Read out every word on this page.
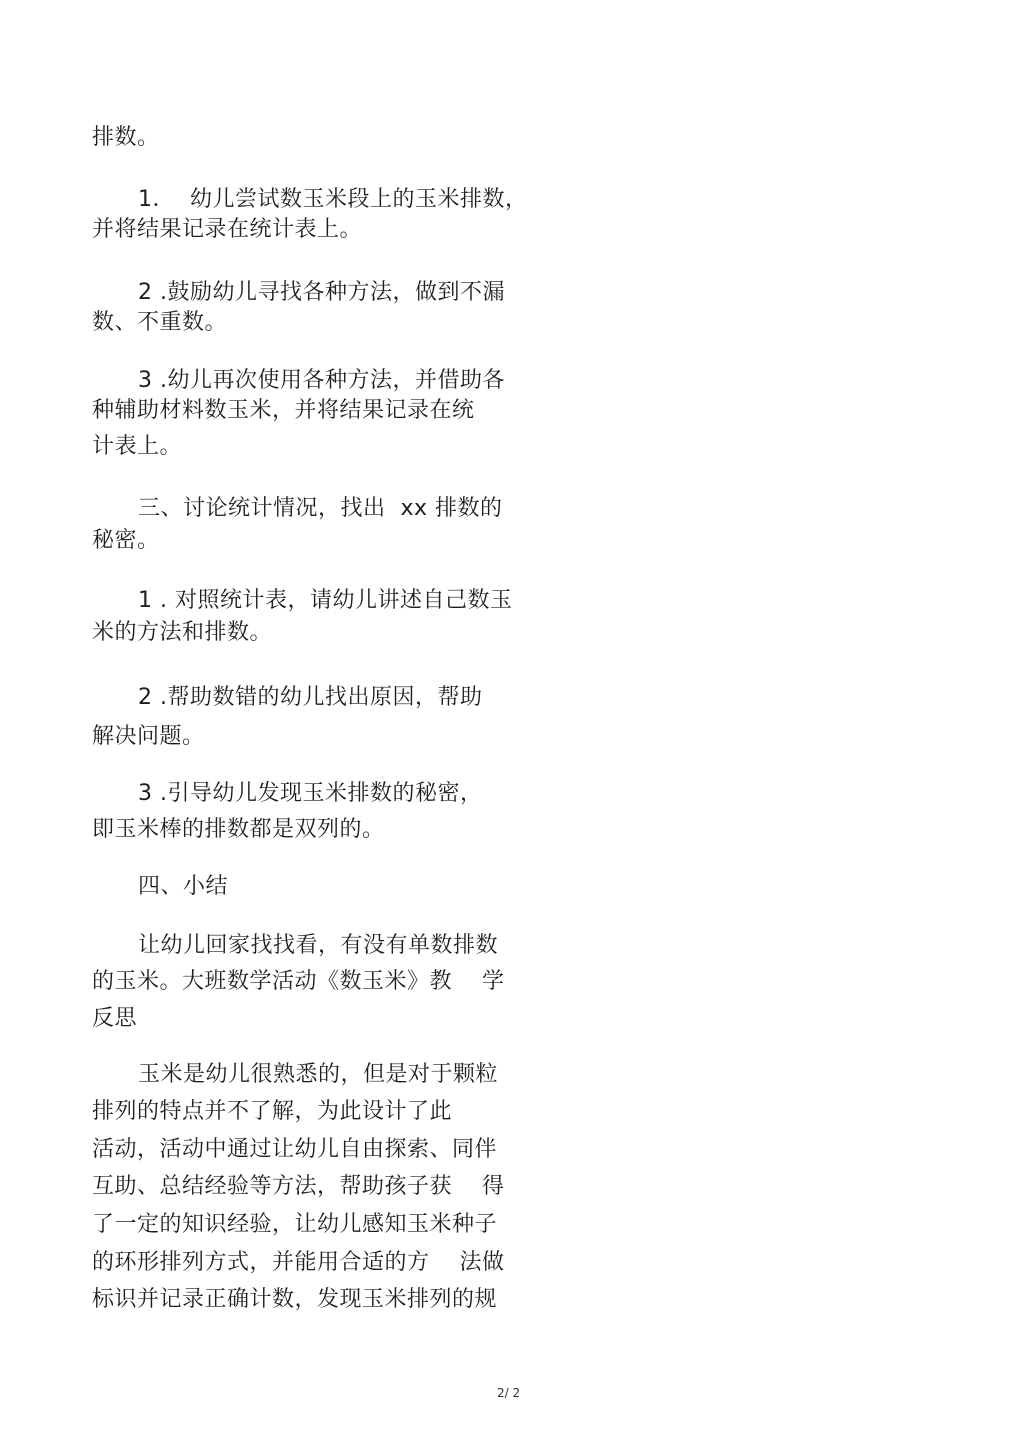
排数。
1．  幼儿尝试数玉米段上的玉米排数，
并将结果记录在统计表上。
2 .鼓励幼儿寻找各种方法，做到不漏
数、不重数。
3 .幼儿再次使用各种方法，并借助各
种辅助材料数玉米，并将结果记录在统
计表上。
三、讨论统计情况，找出  xx 排数的
秘密。
1 . 对照统计表，请幼儿讲述自己数玉
米的方法和排数。
2 .帮助数错的幼儿找出原因，帮助
解决问题。
3 .引导幼儿发现玉米排数的秘密，
即玉米棒的排数都是双列的。
四、小结
让幼儿回家找找看，有没有单数排数
的玉米。大班数学活动《数玉米》教    学
反思
玉米是幼儿很熟悉的，但是对于颗粒
排列的特点并不了解，为此设计了此
活动，活动中通过让幼儿自由探索、同伴
互助、总结经验等方法，帮助孩子获    得
了一定的知识经验，让幼儿感知玉米种子
的环形排列方式，并能用合适的方    法做
标识并记录正确计数，发现玉米排列的规
2/ 2
